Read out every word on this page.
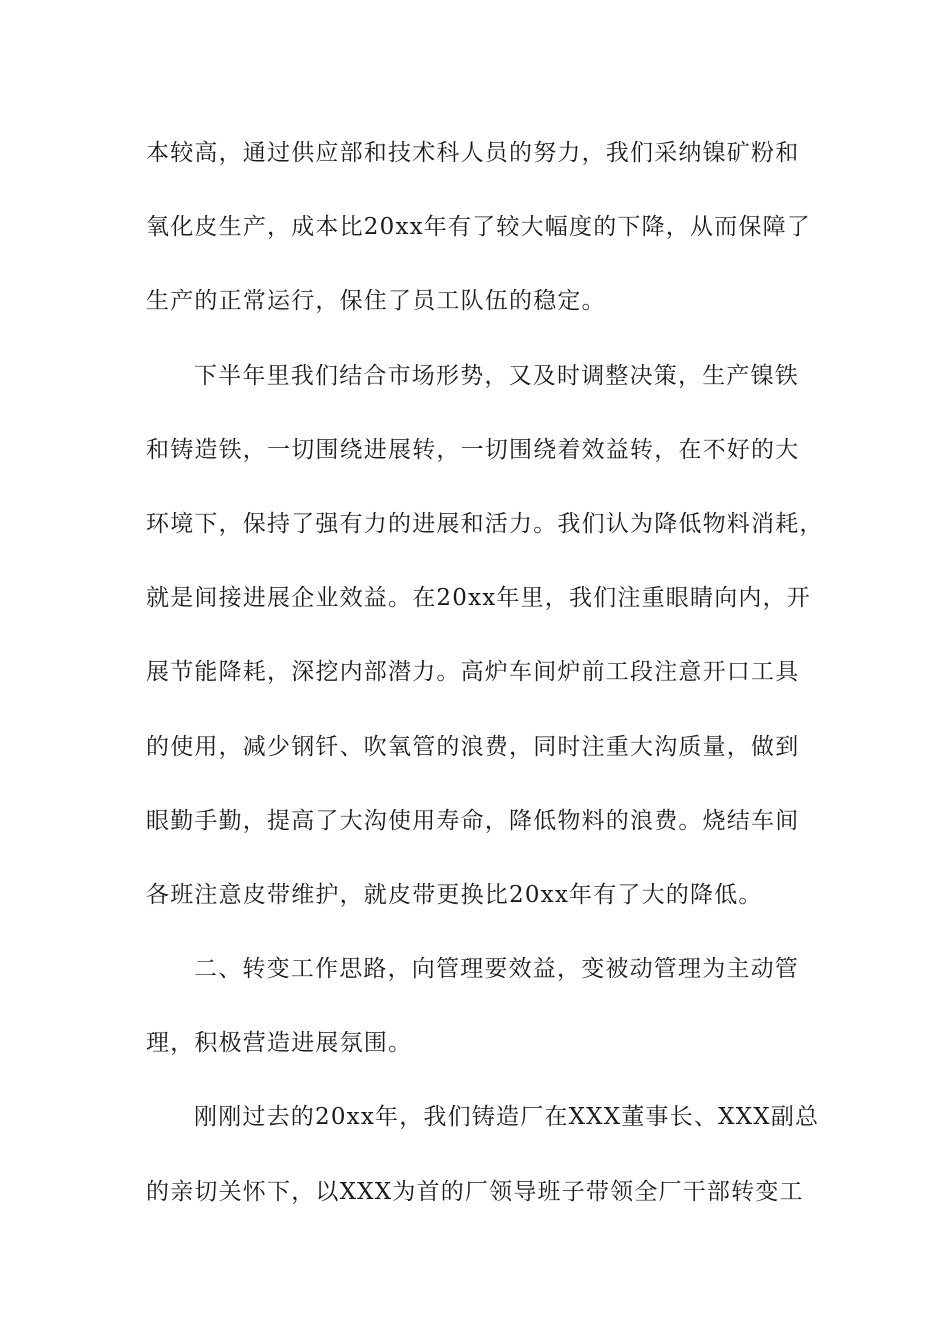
本较高，通过供应部和技术科人员的努力，我们采纳镍矿粉和
氧化皮生产，成本比20xx年有了较大幅度的下降，从而保障了
生产的正常运行，保住了员工队伍的稳定。
下半年里我们结合市场形势，又及时调整决策，生产镍铁
和铸造铁，一切围绕进展转，一切围绕着效益转，在不好的大
环境下，保持了强有力的进展和活力。我们认为降低物料消耗，
就是间接进展企业效益。在20xx年里，我们注重眼睛向内，开
展节能降耗，深挖内部潜力。高炉车间炉前工段注意开口工具
的使用，减少钢钎、吹氧管的浪费，同时注重大沟质量，做到
眼勤手勤，提高了大沟使用寿命，降低物料的浪费。烧结车间
各班注意皮带维护，就皮带更换比20xx年有了大的降低。
二、转变工作思路，向管理要效益，变被动管理为主动管
理，积极营造进展氛围。
刚刚过去的20xx年，我们铸造厂在XXX董事长、XXX副总
的亲切关怀下，以XXX为首的厂领导班子带领全厂干部转变工
